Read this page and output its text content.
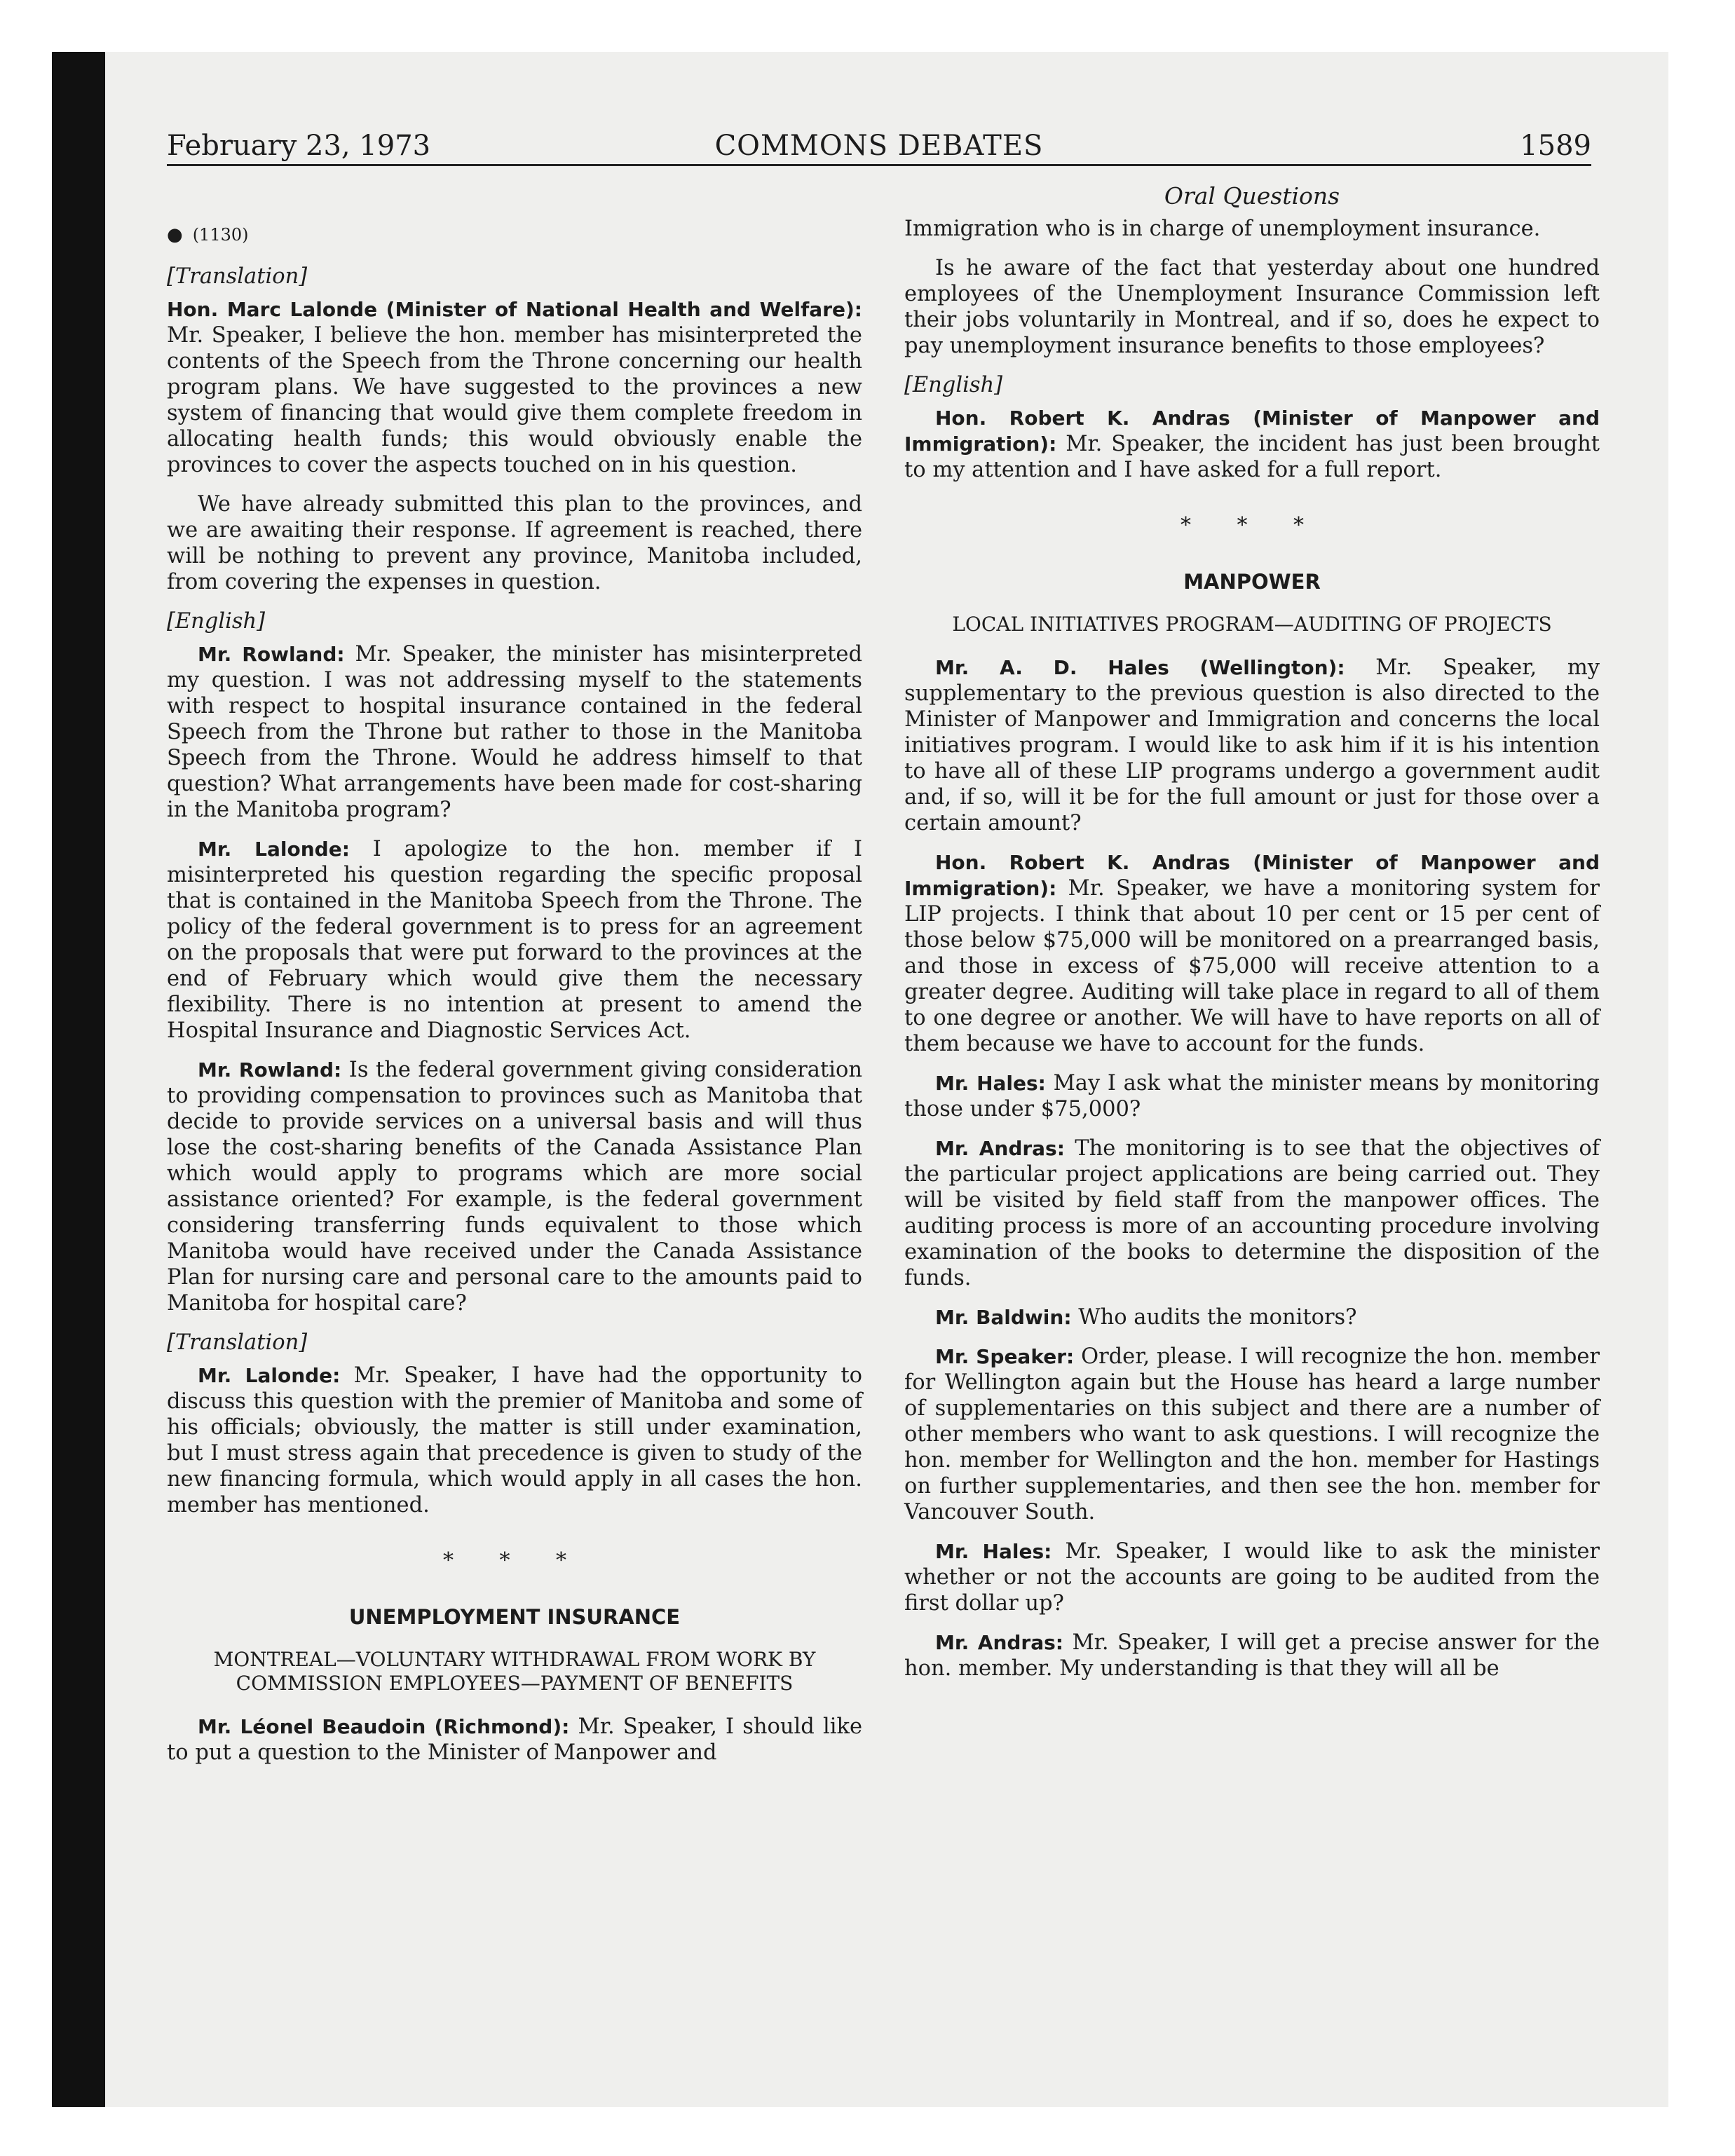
February 23, 1973	COMMONS DEBATES	1589
● (1130)
[Translation]

Hon. Marc Lalonde (Minister of National Health and Welfare): Mr. Speaker, I believe the hon. member has misinterpreted the contents of the Speech from the Throne concerning our health program plans. We have suggested to the provinces a new system of financing that would give them complete freedom in allocating health funds; this would obviously enable the provinces to cover the aspects touched on in his question.

We have already submitted this plan to the provinces, and we are awaiting their response. If agreement is reached, there will be nothing to prevent any province, Manitoba included, from covering the expenses in question.

[English]

Mr. Rowland: Mr. Speaker, the minister has misinterpreted my question. I was not addressing myself to the statements with respect to hospital insurance contained in the federal Speech from the Throne but rather to those in the Manitoba Speech from the Throne. Would he address himself to that question? What arrangements have been made for cost-sharing in the Manitoba program?

Mr. Lalonde: I apologize to the hon. member if I misinterpreted his question regarding the specific proposal that is contained in the Manitoba Speech from the Throne. The policy of the federal government is to press for an agreement on the proposals that were put forward to the provinces at the end of February which would give them the necessary flexibility. There is no intention at present to amend the Hospital Insurance and Diagnostic Services Act.

Mr. Rowland: Is the federal government giving consideration to providing compensation to provinces such as Manitoba that decide to provide services on a universal basis and will thus lose the cost-sharing benefits of the Canada Assistance Plan which would apply to programs which are more social assistance oriented? For example, is the federal government considering transferring funds equivalent to those which Manitoba would have received under the Canada Assistance Plan for nursing care and personal care to the amounts paid to Manitoba for hospital care?

[Translation]

Mr. Lalonde: Mr. Speaker, I have had the opportunity to discuss this question with the premier of Manitoba and some of his officials; obviously, the matter is still under examination, but I must stress again that precedence is given to study of the new financing formula, which would apply in all cases the hon. member has mentioned.

* * *
UNEMPLOYMENT INSURANCE
MONTREAL—VOLUNTARY WITHDRAWAL FROM WORK BY COMMISSION EMPLOYEES—PAYMENT OF BENEFITS

Mr. Léonel Beaudoin (Richmond): Mr. Speaker, I should like to put a question to the Minister of Manpower and

Oral Questions

Immigration who is in charge of unemployment insurance.

Is he aware of the fact that yesterday about one hundred employees of the Unemployment Insurance Commission left their jobs voluntarily in Montreal, and if so, does he expect to pay unemployment insurance benefits to those employees?

[English]

Hon. Robert K. Andras (Minister of Manpower and Immigration): Mr. Speaker, the incident has just been brought to my attention and I have asked for a full report.

* * *
MANPOWER
LOCAL INITIATIVES PROGRAM—AUDITING OF PROJECTS

Mr. A. D. Hales (Wellington): Mr. Speaker, my supplementary to the previous question is also directed to the Minister of Manpower and Immigration and concerns the local initiatives program. I would like to ask him if it is his intention to have all of these LIP programs undergo a government audit and, if so, will it be for the full amount or just for those over a certain amount?

Hon. Robert K. Andras (Minister of Manpower and Immigration): Mr. Speaker, we have a monitoring system for LIP projects. I think that about 10 per cent or 15 per cent of those below $75,000 will be monitored on a prearranged basis, and those in excess of $75,000 will receive attention to a greater degree. Auditing will take place in regard to all of them to one degree or another. We will have to have reports on all of them because we have to account for the funds.

Mr. Hales: May I ask what the minister means by monitoring those under $75,000?

Mr. Andras: The monitoring is to see that the objectives of the particular project applications are being carried out. They will be visited by field staff from the manpower offices. The auditing process is more of an accounting procedure involving examination of the books to determine the disposition of the funds.

Mr. Baldwin: Who audits the monitors?

Mr. Speaker: Order, please. I will recognize the hon. member for Wellington again but the House has heard a large number of supplementaries on this subject and there are a number of other members who want to ask questions. I will recognize the hon. member for Wellington and the hon. member for Hastings on further supplementaries, and then see the hon. member for Vancouver South.

Mr. Hales: Mr. Speaker, I would like to ask the minister whether or not the accounts are going to be audited from the first dollar up?

Mr. Andras: Mr. Speaker, I will get a precise answer for the hon. member. My understanding is that they will all be
